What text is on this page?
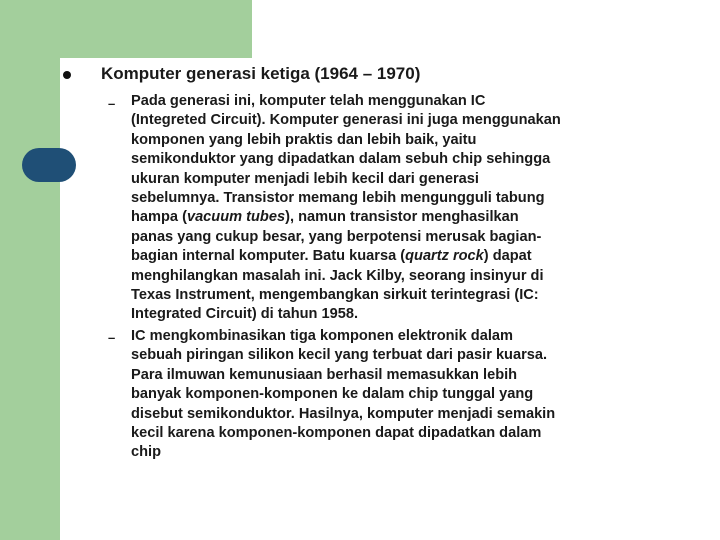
Komputer generasi ketiga (1964 – 1970)
– Pada generasi ini, komputer telah menggunakan IC
(Integreted Circuit). Komputer generasi ini juga menggunakan
komponen yang lebih praktis dan lebih baik, yaitu
semikonduktor yang dipadatkan dalam sebuh chip sehingga
ukuran komputer menjadi lebih kecil dari generasi
sebelumnya. Transistor memang lebih mengungguli tabung
hampa (vacuum tubes), namun transistor menghasilkan
panas yang cukup besar, yang berpotensi merusak bagian-
bagian internal komputer. Batu kuarsa (quartz rock) dapat
menghilangkan masalah ini. Jack Kilby, seorang insinyur di
Texas Instrument, mengembangkan sirkuit terintegrasi (IC:
Integrated Circuit) di tahun 1958.
– IC mengkombinasikan tiga komponen elektronik dalam
sebuah piringan silikon kecil yang terbuat dari pasir kuarsa.
Para ilmuwan kemunusiaan berhasil memasukkan lebih
banyak komponen-komponen ke dalam chip tunggal yang
disebut semikonduktor. Hasilnya, komputer menjadi semakin
kecil karena komponen-komponen dapat dipadatkan dalam
chip
